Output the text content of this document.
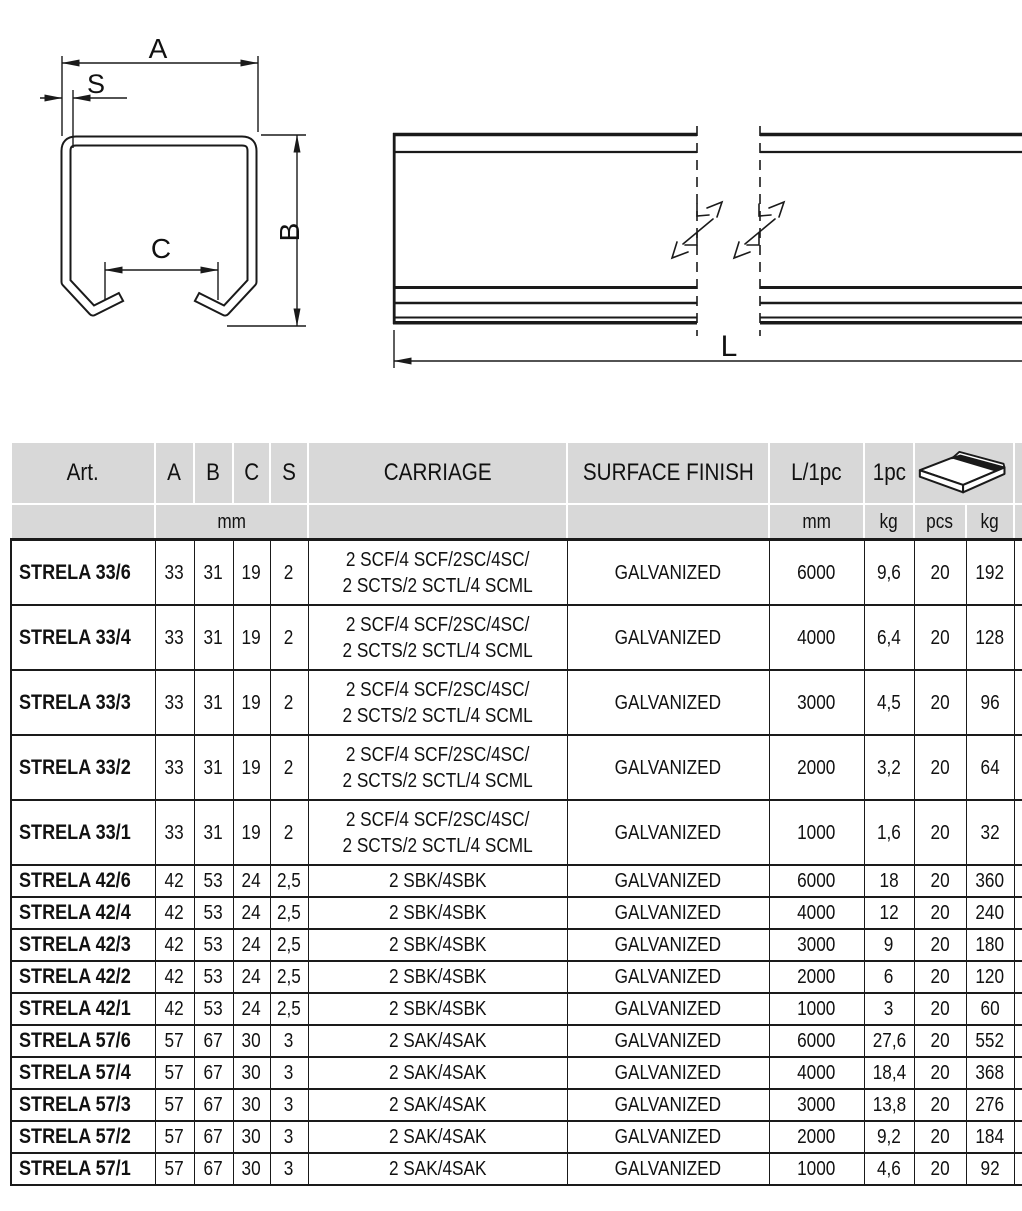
A
S
B
C
L
Art.	A	B	C	S	CARRIAGE	SURFACE FINISH	L/1pc	1pc		
	mm						mm	kg	pcs	kg	
STRELA 33/6	33	31	19	2	2 SCF/4 SCF/2SC/4SC/
2 SCTS/2 SCTL/4 SCML	GALVANIZED	6000	9,6	20	192	
STRELA 33/4	33	31	19	2	2 SCF/4 SCF/2SC/4SC/
2 SCTS/2 SCTL/4 SCML	GALVANIZED	4000	6,4	20	128	
STRELA 33/3	33	31	19	2	2 SCF/4 SCF/2SC/4SC/
2 SCTS/2 SCTL/4 SCML	GALVANIZED	3000	4,5	20	96	
STRELA 33/2	33	31	19	2	2 SCF/4 SCF/2SC/4SC/
2 SCTS/2 SCTL/4 SCML	GALVANIZED	2000	3,2	20	64	
STRELA 33/1	33	31	19	2	2 SCF/4 SCF/2SC/4SC/
2 SCTS/2 SCTL/4 SCML	GALVANIZED	1000	1,6	20	32	
STRELA 42/6	42	53	24	2,5	2 SBK/4SBK	GALVANIZED	6000	18	20	360	
STRELA 42/4	42	53	24	2,5	2 SBK/4SBK	GALVANIZED	4000	12	20	240	
STRELA 42/3	42	53	24	2,5	2 SBK/4SBK	GALVANIZED	3000	9	20	180	
STRELA 42/2	42	53	24	2,5	2 SBK/4SBK	GALVANIZED	2000	6	20	120	
STRELA 42/1	42	53	24	2,5	2 SBK/4SBK	GALVANIZED	1000	3	20	60	
STRELA 57/6	57	67	30	3	2 SAK/4SAK	GALVANIZED	6000	27,6	20	552	
STRELA 57/4	57	67	30	3	2 SAK/4SAK	GALVANIZED	4000	18,4	20	368	
STRELA 57/3	57	67	30	3	2 SAK/4SAK	GALVANIZED	3000	13,8	20	276	
STRELA 57/2	57	67	30	3	2 SAK/4SAK	GALVANIZED	2000	9,2	20	184	
STRELA 57/1	57	67	30	3	2 SAK/4SAK	GALVANIZED	1000	4,6	20	92	
